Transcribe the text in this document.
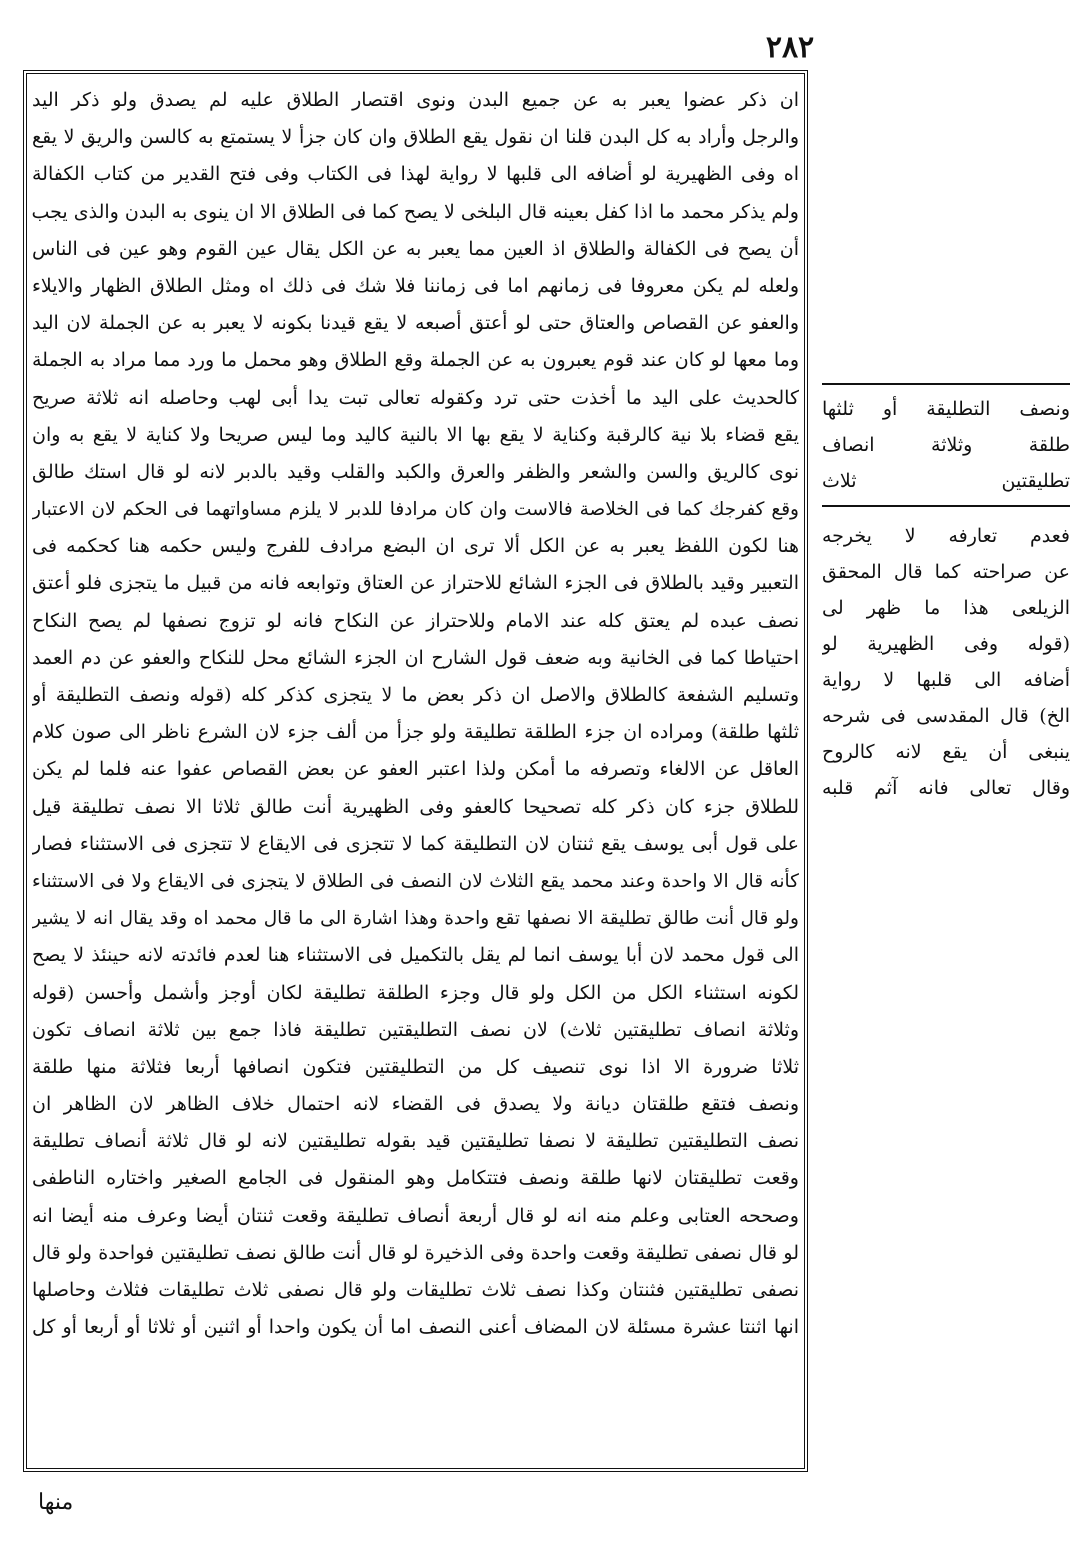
٢٨٢
ان ذكر عضوا يعبر به عن جميع البدن ونوى اقتصار الطلاق عليه لم يصدق ولو ذكر اليد
والرجل وأراد به كل البدن قلنا ان نقول يقع الطلاق وان كان جزأ لا يستمتع به كالسن والريق لا يقع
اه وفى الظهيرية لو أضافه الى قلبها لا رواية لهذا فى الكتاب وفى فتح القدير من كتاب الكفالة
ولم يذكر محمد ما اذا كفل بعينه قال البلخى لا يصح كما فى الطلاق الا ان ينوى به البدن والذى يجب
أن يصح فى الكفالة والطلاق اذ العين مما يعبر به عن الكل يقال عين القوم وهو عين فى الناس
ولعله لم يكن معروفا فى زمانهم اما فى زماننا فلا شك فى ذلك اه ومثل الطلاق الظهار والايلاء
والعفو عن القصاص والعتاق حتى لو أعتق أصبعه لا يقع قيدنا بكونه لا يعبر به عن الجملة لان اليد
وما معها لو كان عند قوم يعبرون به عن الجملة وقع الطلاق وهو محمل ما ورد مما مراد به الجملة
كالحديث على اليد ما أخذت حتى ترد وكقوله تعالى تبت يدا أبى لهب وحاصله انه ثلاثة صريح
يقع قضاء بلا نية كالرقبة وكناية لا يقع بها الا بالنية كاليد وما ليس صريحا ولا كناية لا يقع به وان
نوى كالريق والسن والشعر والظفر والعرق والكبد والقلب وقيد بالدبر لانه لو قال استك طالق
وقع كفرجك كما فى الخلاصة فالاست وان كان مرادفا للدبر لا يلزم مساواتهما فى الحكم لان الاعتبار
هنا لكون اللفظ يعبر به عن الكل ألا ترى ان البضع مرادف للفرج وليس حكمه هنا كحكمه فى
التعبير وقيد بالطلاق فى الجزء الشائع للاحتراز عن العتاق وتوابعه فانه من قبيل ما يتجزى فلو أعتق
نصف عبده لم يعتق كله عند الامام وللاحتراز عن النكاح فانه لو تزوج نصفها لم يصح النكاح
احتياطا كما فى الخانية وبه ضعف قول الشارح ان الجزء الشائع محل للنكاح والعفو عن دم العمد
وتسليم الشفعة كالطلاق والاصل ان ذكر بعض ما لا يتجزى كذكر كله (قوله ونصف التطليقة أو
ثلثها طلقة) ومراده ان جزء الطلقة تطليقة ولو جزأ من ألف جزء لان الشرع ناظر الى صون كلام
العاقل عن الالغاء وتصرفه ما أمكن ولذا اعتبر العفو عن بعض القصاص عفوا عنه فلما لم يكن
للطلاق جزء كان ذكر كله تصحيحا كالعفو وفى الظهيرية أنت طالق ثلاثا الا نصف تطليقة قيل
على قول أبى يوسف يقع ثنتان لان التطليقة كما لا تتجزى فى الايقاع لا تتجزى فى الاستثناء فصار
كأنه قال الا واحدة وعند محمد يقع الثلاث لان النصف فى الطلاق لا يتجزى فى الايقاع ولا فى الاستثناء
ولو قال أنت طالق تطليقة الا نصفها تقع واحدة وهذا اشارة الى ما قال محمد اه وقد يقال انه لا يشير
الى قول محمد لان أبا يوسف انما لم يقل بالتكميل فى الاستثناء هنا لعدم فائدته لانه حينئذ لا يصح
لكونه استثناء الكل من الكل ولو قال وجزء الطلقة تطليقة لكان أوجز وأشمل وأحسن (قوله
وثلاثة انصاف تطليقتين ثلاث) لان نصف التطليقتين تطليقة فاذا جمع بين ثلاثة انصاف تكون
ثلاثا ضرورة الا اذا نوى تنصيف كل من التطليقتين فتكون انصافها أربعا فثلاثة منها طلقة
ونصف فتقع طلقتان ديانة ولا يصدق فى القضاء لانه احتمال خلاف الظاهر لان الظاهر ان
نصف التطليقتين تطليقة لا نصفا تطليقتين قيد بقوله تطليقتين لانه لو قال ثلاثة أنصاف تطليقة
وقعت تطليقتان لانها طلقة ونصف فتتكامل وهو المنقول فى الجامع الصغير واختاره الناطفى
وصححه العتابى وعلم منه انه لو قال أربعة أنصاف تطليقة وقعت ثنتان أيضا وعرف منه أيضا انه
لو قال نصفى تطليقة وقعت واحدة وفى الذخيرة لو قال أنت طالق نصف تطليقتين فواحدة ولو قال
نصفى تطليقتين فثنتان وكذا نصف ثلاث تطليقات ولو قال نصفى ثلاث تطليقات فثلاث وحاصلها
انها اثنتا عشرة مسئلة لان المضاف أعنى النصف اما أن يكون واحدا أو اثنين أو ثلاثا أو أربعا أو كل
ونصف التطليقة أو ثلثها
طلقة وثلاثة انصاف
تطليقتين ثلاث
فعدم تعارفه لا يخرجه
عن صراحته كما قال المحقق
الزيلعى هذا ما ظهر لى
(قوله وفى الظهيرية لو
أضافه الى قلبها لا رواية
الخ) قال المقدسى فى شرحه
ينبغى أن يقع لانه كالروح
وقال تعالى فانه آثم قلبه
منها
